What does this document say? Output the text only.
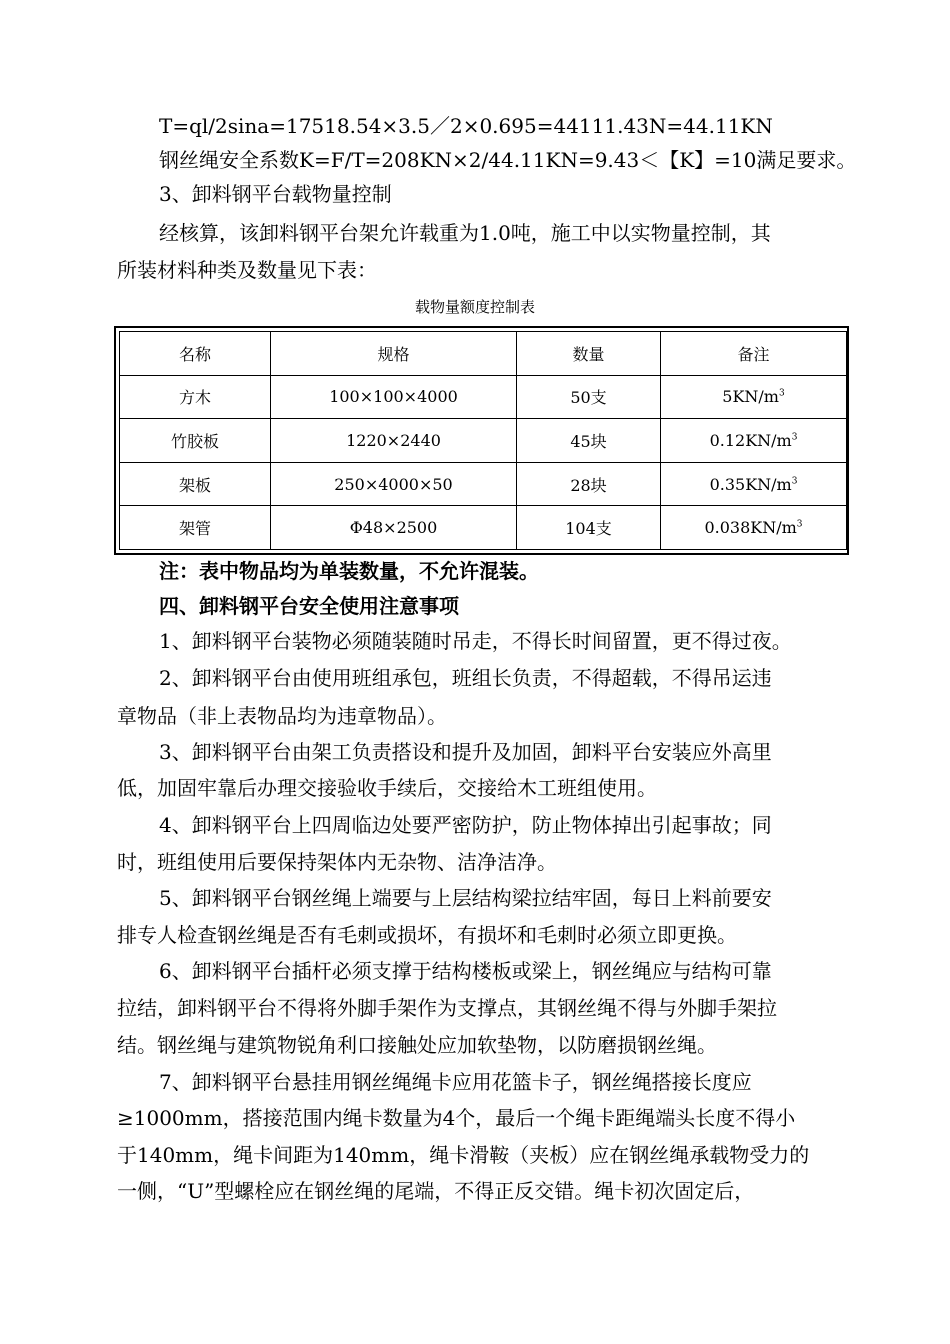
T=ql/2sina=17518.54×3.5／2×0.695=44111.43N=44.11KN
钢丝绳安全系数K=F/T=208KN×2/44.11KN=9.43＜【K】=10满足要求。
3、卸料钢平台载物量控制
经核算，该卸料钢平台架允许载重为1.0吨，施工中以实物量控制，其
所装材料种类及数量见下表：
载物量额度控制表
名称	规格	数量	备注
方木	100×100×4000	50支	$5KN/m^3$
竹胶板	1220×2440	45块	$0.12KN/m^3$
架板	250×4000×50	28块	$0.35KN/m^3$
架管	Φ48×2500	104支	$0.038KN/m^3$
注：表中物品均为单装数量，不允许混装。
四、卸料钢平台安全使用注意事项
1、卸料钢平台装物必须随装随时吊走，不得长时间留置，更不得过夜。
2、卸料钢平台由使用班组承包，班组长负责，不得超载，不得吊运违
章物品（非上表物品均为违章物品）。
3、卸料钢平台由架工负责搭设和提升及加固，卸料平台安装应外高里
低，加固牢靠后办理交接验收手续后，交接给木工班组使用。
4、卸料钢平台上四周临边处要严密防护，防止物体掉出引起事故；同
时，班组使用后要保持架体内无杂物、洁净洁净。
5、卸料钢平台钢丝绳上端要与上层结构梁拉结牢固，每日上料前要安
排专人检查钢丝绳是否有毛刺或损坏，有损坏和毛刺时必须立即更换。
6、卸料钢平台插杆必须支撑于结构楼板或梁上，钢丝绳应与结构可靠
拉结，卸料钢平台不得将外脚手架作为支撑点，其钢丝绳不得与外脚手架拉
结。钢丝绳与建筑物锐角利口接触处应加软垫物，以防磨损钢丝绳。
7、卸料钢平台悬挂用钢丝绳绳卡应用花篮卡子，钢丝绳搭接长度应
≥1000mm，搭接范围内绳卡数量为4个，最后一个绳卡距绳端头长度不得小
于140mm，绳卡间距为140mm，绳卡滑鞍（夹板）应在钢丝绳承载物受力的
一侧，“U”型螺栓应在钢丝绳的尾端，不得正反交错。绳卡初次固定后，
